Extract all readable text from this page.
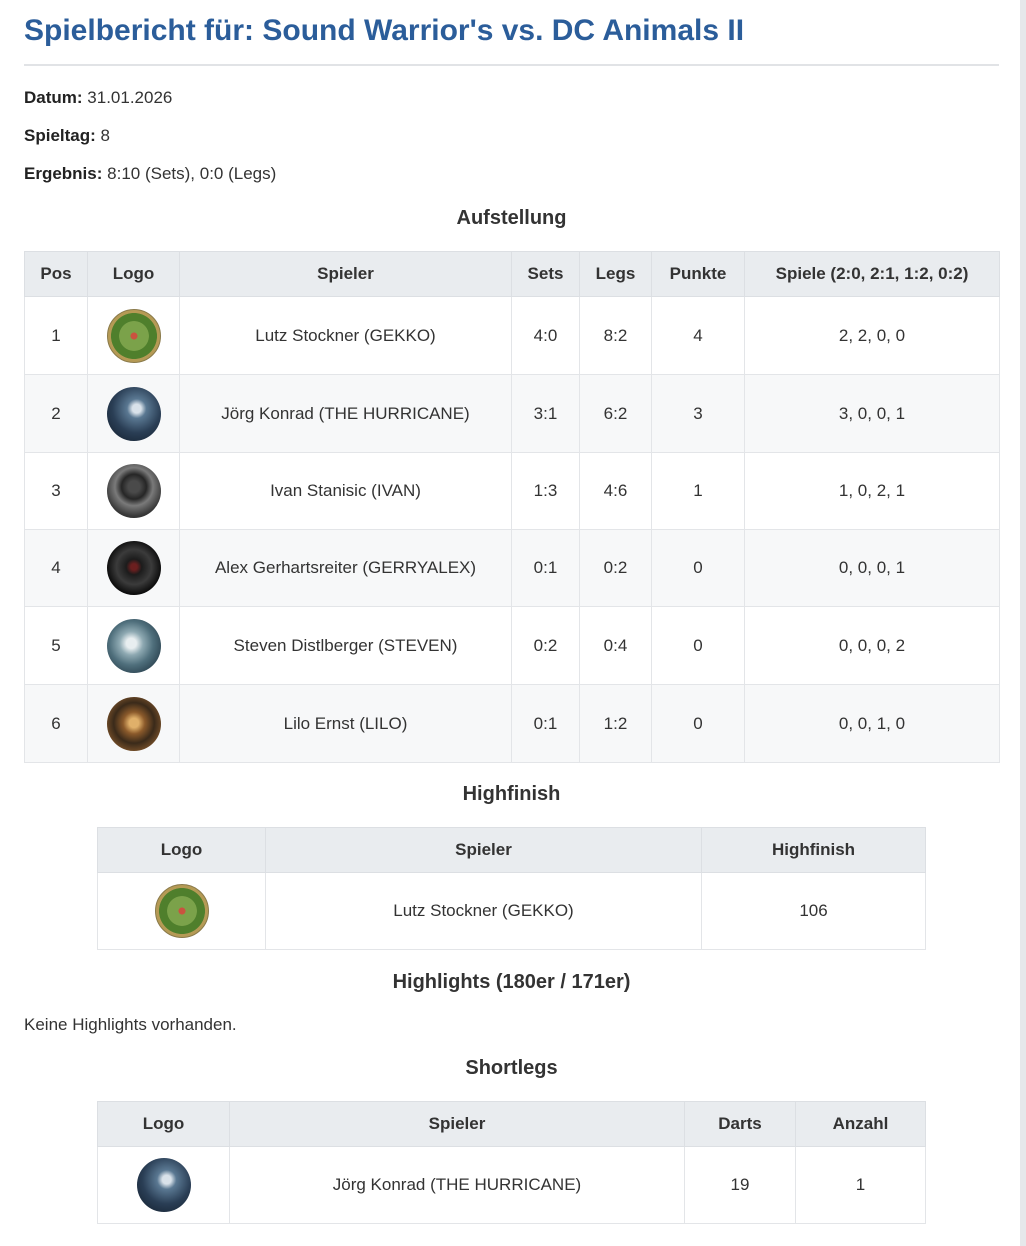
Spielbericht für: Sound Warrior's vs. DC Animals II

Datum: 31.01.2026

Spieltag: 8

Ergebnis: 8:10 (Sets), 0:0 (Legs)

Aufstellung
Pos	Logo	Spieler	Sets	Legs	Punkte	Spiele (2:0, 2:1, 1:2, 0:2)
1		Lutz Stockner (GEKKO)	4:0	8:2	4	2, 2, 0, 0
2		Jörg Konrad (THE HURRICANE)	3:1	6:2	3	3, 0, 0, 1
3		Ivan Stanisic (IVAN)	1:3	4:6	1	1, 0, 2, 1
4		Alex Gerhartsreiter (GERRYALEX)	0:1	0:2	0	0, 0, 0, 1
5		Steven Distlberger (STEVEN)	0:2	0:4	0	0, 0, 0, 2
6		Lilo Ernst (LILO)	0:1	1:2	0	0, 0, 1, 0
Highfinish
Logo	Spieler	Highfinish
	Lutz Stockner (GEKKO)	106
Highlights (180er / 171er)

Keine Highlights vorhanden.

Shortlegs
Logo	Spieler	Darts	Anzahl
	Jörg Konrad (THE HURRICANE)	19	1
